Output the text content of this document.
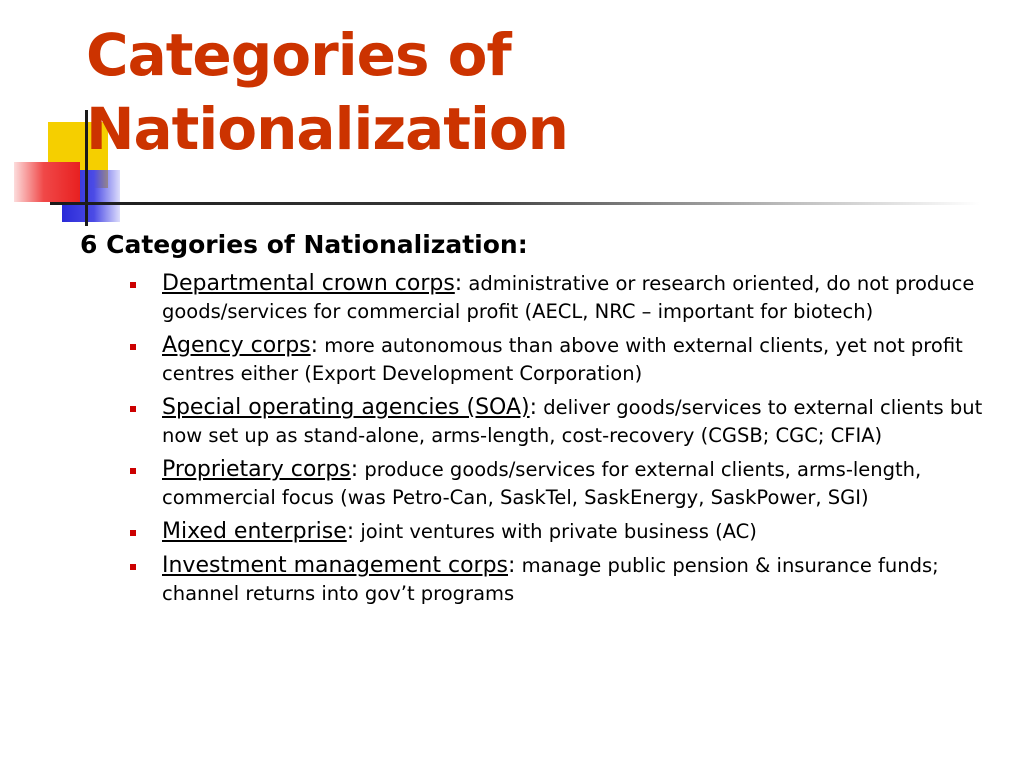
Categories of Nationalization
6 Categories of Nationalization:
Departmental crown corps: administrative or research oriented, do not produce goods/services for commercial profit (AECL, NRC – important for biotech)
Agency corps: more autonomous than above with external clients, yet not profit centres either (Export Development Corporation)
Special operating agencies (SOA): deliver goods/services to external clients but now set up as stand-alone, arms-length, cost-recovery (CGSB; CGC; CFIA)
Proprietary corps: produce goods/services for external clients, arms-length, commercial focus (was Petro-Can, SaskTel, SaskEnergy, SaskPower, SGI)
Mixed enterprise: joint ventures with private business (AC)
Investment management corps: manage public pension & insurance funds; channel returns into gov’t programs
